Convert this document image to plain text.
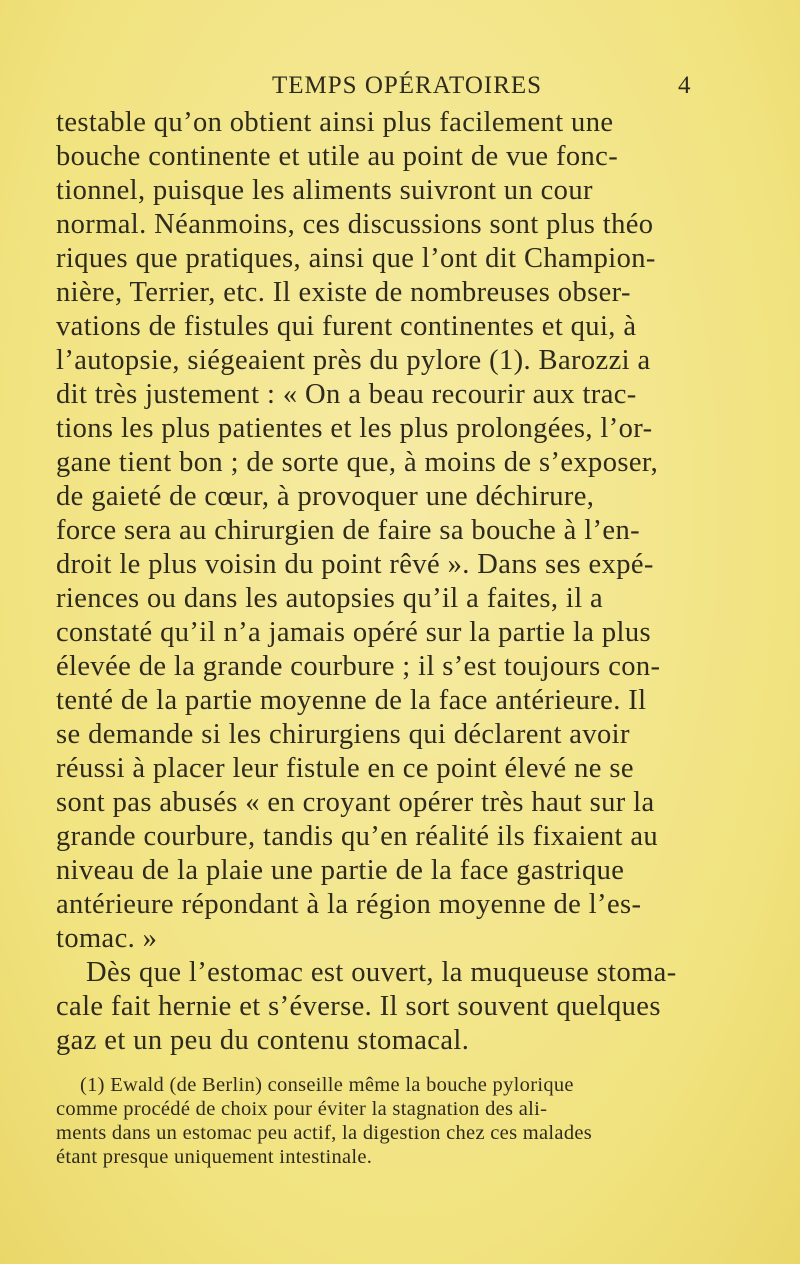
TEMPS OPÉRATOIRES	4
testable qu’on obtient ainsi plus facilement une
bouche continente et utile au point de vue fonc-
tionnel, puisque les aliments suivront un cour
normal. Néanmoins, ces discussions sont plus théo
riques que pratiques, ainsi que l’ont dit Champion-
nière, Terrier, etc. Il existe de nombreuses obser-
vations de fistules qui furent continentes et qui, à
l’autopsie, siégeaient près du pylore (1). Barozzi a
dit très justement : « On a beau recourir aux trac-
tions les plus patientes et les plus prolongées, l’or-
gane tient bon ; de sorte que, à moins de s’exposer,
de gaieté de cœur, à provoquer une déchirure,
force sera au chirurgien de faire sa bouche à l’en-
droit le plus voisin du point rêvé ». Dans ses expé-
riences ou dans les autopsies qu’il a faites, il a
constaté qu’il n’a jamais opéré sur la partie la plus
élevée de la grande courbure ; il s’est toujours con-
tenté de la partie moyenne de la face antérieure. Il
se demande si les chirurgiens qui déclarent avoir
réussi à placer leur fistule en ce point élevé ne se
sont pas abusés « en croyant opérer très haut sur la
grande courbure, tandis qu’en réalité ils fixaient au
niveau de la plaie une partie de la face gastrique
antérieure répondant à la région moyenne de l’es-
tomac. »
Dès que l’estomac est ouvert, la muqueuse stoma-
cale fait hernie et s’éverse. Il sort souvent quelques
gaz et un peu du contenu stomacal.
(1) Ewald (de Berlin) conseille même la bouche pylorique
comme procédé de choix pour éviter la stagnation des ali-
ments dans un estomac peu actif, la digestion chez ces malades
étant presque uniquement intestinale.
